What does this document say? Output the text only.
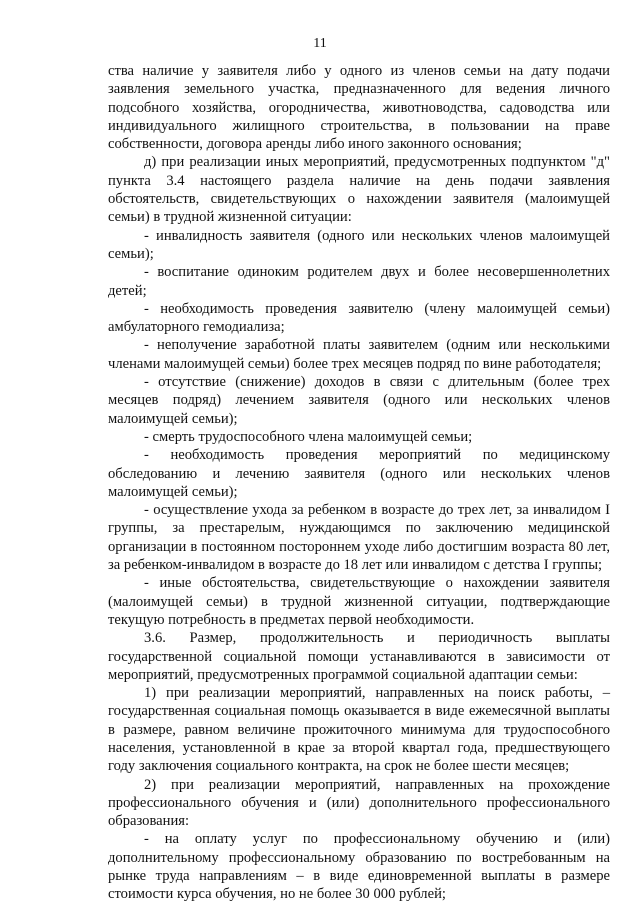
11

ства наличие у заявителя либо у одного из членов семьи на дату подачи заявления земельного участка, предназначенного для ведения личного подсобного хозяйства, огородничества, животноводства, садоводства или индивидуального жилищного строительства, в пользовании на праве собственности, договора аренды либо иного законного основания;

д) при реализации иных мероприятий, предусмотренных подпунктом "д" пункта 3.4 настоящего раздела наличие на день подачи заявления обстоятельств, свидетельствующих о нахождении заявителя (малоимущей семьи) в трудной жизненной ситуации:

- инвалидность заявителя (одного или нескольких членов малоимущей семьи);

- воспитание одиноким родителем двух и более несовершеннолетних детей;

- необходимость проведения заявителю (члену малоимущей семьи) амбулаторного гемодиализа;

- неполучение заработной платы заявителем (одним или несколькими членами малоимущей семьи) более трех месяцев подряд по вине работодателя;

- отсутствие (снижение) доходов в связи с длительным (более трех месяцев подряд) лечением заявителя (одного или нескольких членов малоимущей семьи);

- смерть трудоспособного члена малоимущей семьи;

- необходимость проведения мероприятий по медицинскому обследованию и лечению заявителя (одного или нескольких членов малоимущей семьи);

- осуществление ухода за ребенком в возрасте до трех лет, за инвалидом I группы, за престарелым, нуждающимся по заключению медицинской организации в постоянном постороннем уходе либо достигшим возраста 80 лет, за ребенком-инвалидом в возрасте до 18 лет или инвалидом с детства I группы;

- иные обстоятельства, свидетельствующие о нахождении заявителя (малоимущей семьи) в трудной жизненной ситуации, подтверждающие текущую потребность в предметах первой необходимости.

3.6. Размер, продолжительность и периодичность выплаты государственной социальной помощи устанавливаются в зависимости от мероприятий, предусмотренных программой социальной адаптации семьи:

1) при реализации мероприятий, направленных на поиск работы, – государственная социальная помощь оказывается в виде ежемесячной выплаты в размере, равном величине прожиточного минимума для трудоспособного населения, установленной в крае за второй квартал года, предшествующего году заключения социального контракта, на срок не более шести месяцев;

2) при реализации мероприятий, направленных на прохождение профессионального обучения и (или) дополнительного профессионального образования:

- на оплату услуг по профессиональному обучению и (или) дополнительному профессиональному образованию по востребованным на рынке труда направлениям – в виде единовременной выплаты в размере стоимости курса обучения, но не более 30 000 рублей;
